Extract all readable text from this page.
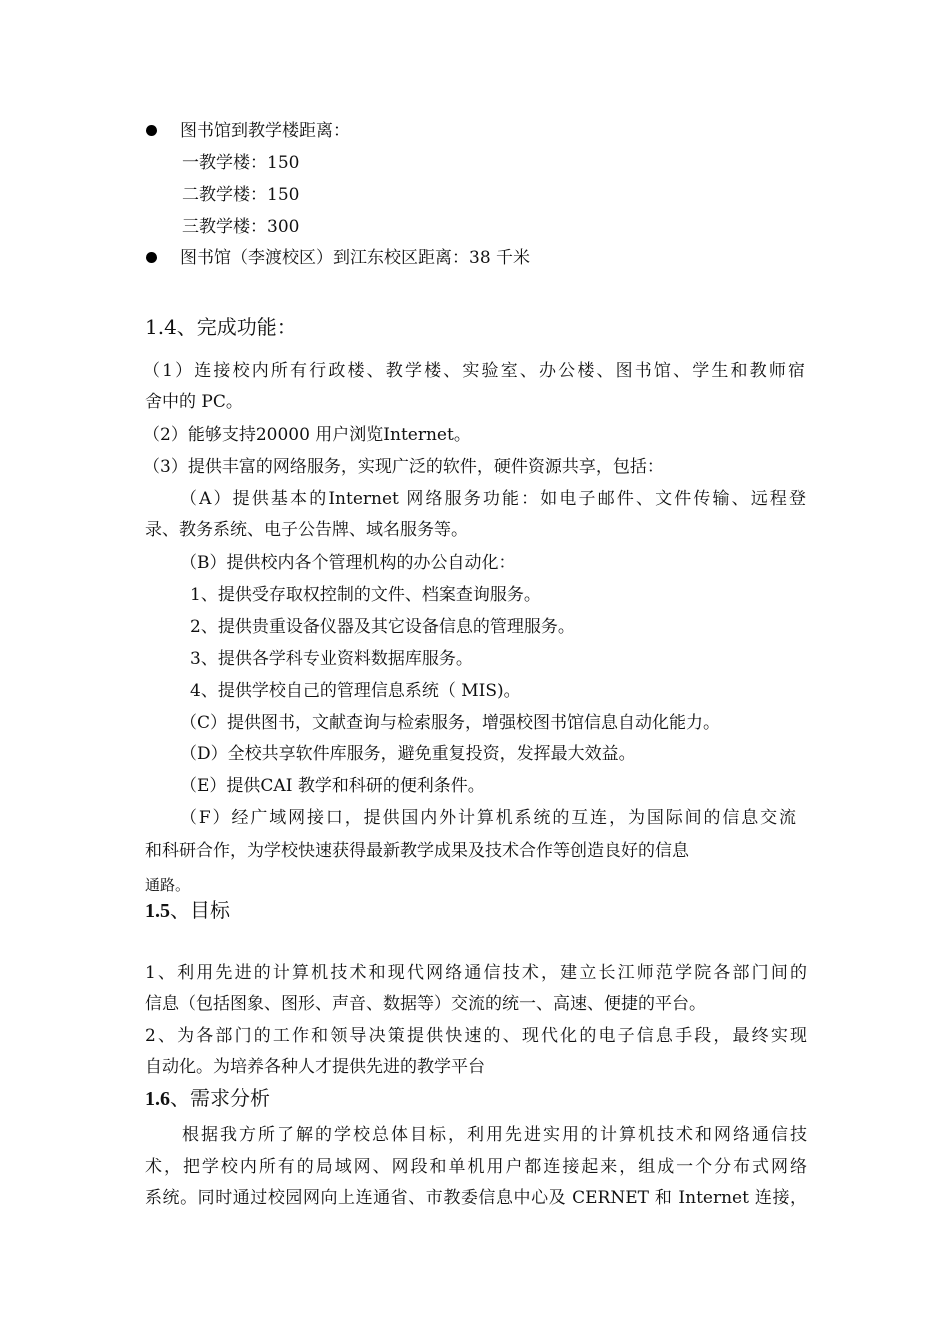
图书馆到教学楼距离：
一教学楼：150
二教学楼：150
三教学楼：300
图书馆（李渡校区）到江东校区距离：38 千米
1.4、完成功能：
（1）连接校内所有行政楼、教学楼、实验室、办公楼、图书馆、学生和教师宿
舍中的 PC。
（2）能够支持20000 用户浏览Internet。
（3）提供丰富的网络服务，实现广泛的软件，硬件资源共享，包括：
（A）提供基本的Internet 网络服务功能：如电子邮件、文件传输、远程登
录、教务系统、电子公告牌、域名服务等。
（B）提供校内各个管理机构的办公自动化：
1、提供受存取权控制的文件、档案查询服务。
2、提供贵重设备仪器及其它设备信息的管理服务。
3、提供各学科专业资料数据库服务。
4、提供学校自己的管理信息系统（ MIS)。
（C）提供图书，文献查询与检索服务，增强校图书馆信息自动化能力。
（D）全校共享软件库服务，避免重复投资，发挥最大效益。
（E）提供CAI 教学和科研的便利条件。
（F）经广域网接口，提供国内外计算机系统的互连，为国际间的信息交流
和科研合作，为学校快速获得最新教学成果及技术合作等创造良好的信息
通路。
1.5、目标
1、利用先进的计算机技术和现代网络通信技术，建立长江师范学院各部门间的
信息（包括图象、图形、声音、数据等）交流的统一、高速、便捷的平台。
2、为各部门的工作和领导决策提供快速的、现代化的电子信息手段，最终实现
自动化。为培养各种人才提供先进的教学平台
1.6、需求分析
根据我方所了解的学校总体目标，利用先进实用的计算机技术和网络通信技
术，把学校内所有的局域网、网段和单机用户都连接起来，组成一个分布式网络
系统。同时通过校园网向上连通省、市教委信息中心及 CERNET 和 Internet 连接，
